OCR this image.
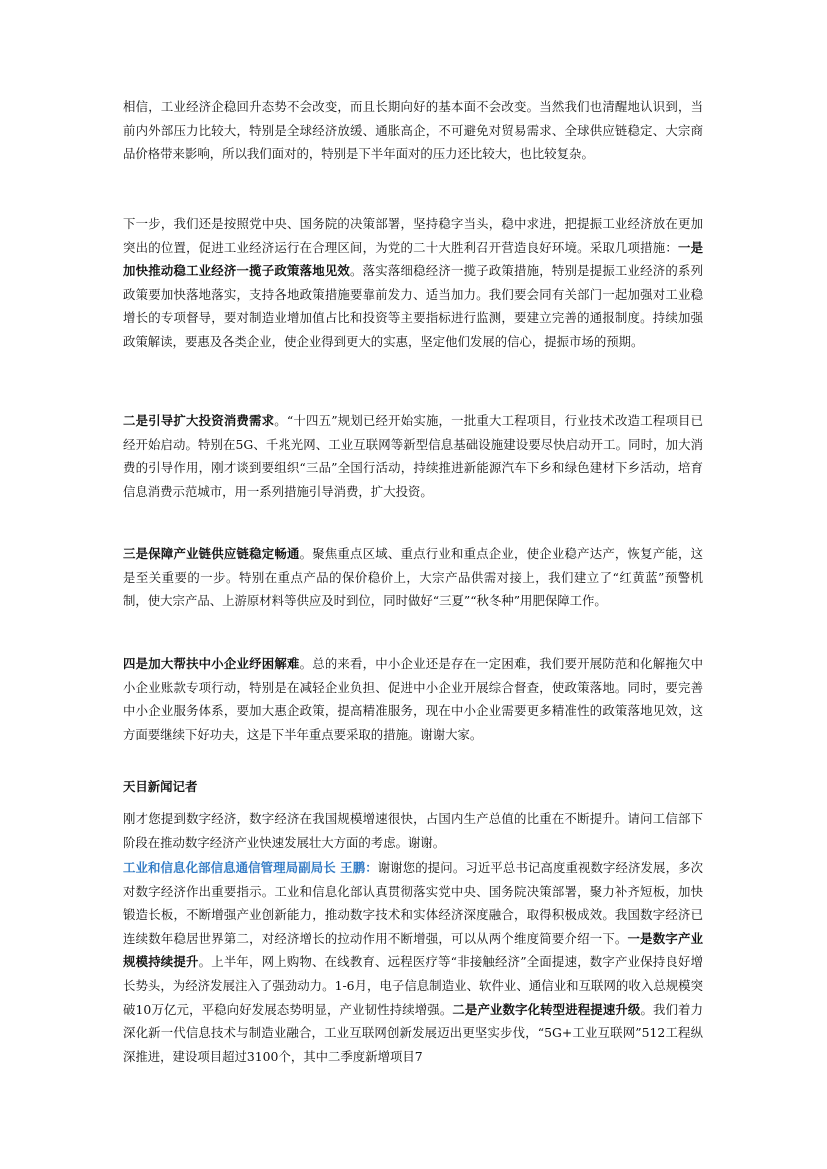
相信，工业经济企稳回升态势不会改变，而且长期向好的基本面不会改变。当然我们也清醒地认识到，当前内外部压力比较大，特别是全球经济放缓、通胀高企，不可避免对贸易需求、全球供应链稳定、大宗商品价格带来影响，所以我们面对的，特别是下半年面对的压力还比较大，也比较复杂。

下一步，我们还是按照党中央、国务院的决策部署，坚持稳字当头，稳中求进，把提振工业经济放在更加突出的位置，促进工业经济运行在合理区间，为党的二十大胜利召开营造良好环境。采取几项措施：一是加快推动稳工业经济一揽子政策落地见效。落实落细稳经济一揽子政策措施，特别是提振工业经济的系列政策要加快落地落实，支持各地政策措施要靠前发力、适当加力。我们要会同有关部门一起加强对工业稳增长的专项督导，要对制造业增加值占比和投资等主要指标进行监测，要建立完善的通报制度。持续加强政策解读，要惠及各类企业，使企业得到更大的实惠，坚定他们发展的信心，提振市场的预期。

二是引导扩大投资消费需求。“十四五”规划已经开始实施，一批重大工程项目，行业技术改造工程项目已经开始启动。特别在5G、千兆光网、工业互联网等新型信息基础设施建设要尽快启动开工。同时，加大消费的引导作用，刚才谈到要组织“三品”全国行活动，持续推进新能源汽车下乡和绿色建材下乡活动，培育信息消费示范城市，用一系列措施引导消费，扩大投资。

三是保障产业链供应链稳定畅通。聚焦重点区域、重点行业和重点企业，使企业稳产达产，恢复产能，这是至关重要的一步。特别在重点产品的保价稳价上，大宗产品供需对接上，我们建立了“红黄蓝”预警机制，使大宗产品、上游原材料等供应及时到位，同时做好“三夏”“秋冬种”用肥保障工作。

四是加大帮扶中小企业纾困解难。总的来看，中小企业还是存在一定困难，我们要开展防范和化解拖欠中小企业账款专项行动，特别是在减轻企业负担、促进中小企业开展综合督查，使政策落地。同时，要完善中小企业服务体系，要加大惠企政策，提高精准服务，现在中小企业需要更多精准性的政策落地见效，这方面要继续下好功夫，这是下半年重点要采取的措施。谢谢大家。

天目新闻记者

刚才您提到数字经济，数字经济在我国规模增速很快，占国内生产总值的比重在不断提升。请问工信部下阶段在推动数字经济产业快速发展壮大方面的考虑。谢谢。

工业和信息化部信息通信管理局副局长 王鹏：谢谢您的提问。习近平总书记高度重视数字经济发展，多次对数字经济作出重要指示。工业和信息化部认真贯彻落实党中央、国务院决策部署，聚力补齐短板，加快锻造长板，不断增强产业创新能力，推动数字技术和实体经济深度融合，取得积极成效。我国数字经济已连续数年稳居世界第二，对经济增长的拉动作用不断增强，可以从两个维度简要介绍一下。一是数字产业规模持续提升。上半年，网上购物、在线教育、远程医疗等“非接触经济”全面提速，数字产业保持良好增长势头，为经济发展注入了强劲动力。1-6月，电子信息制造业、软件业、通信业和互联网的收入总规模突破10万亿元，平稳向好发展态势明显，产业韧性持续增强。二是产业数字化转型进程提速升级。我们着力深化新一代信息技术与制造业融合，工业互联网创新发展迈出更坚实步伐，“5G+工业互联网”512工程纵深推进，建设项目超过3100个，其中二季度新增项目7
